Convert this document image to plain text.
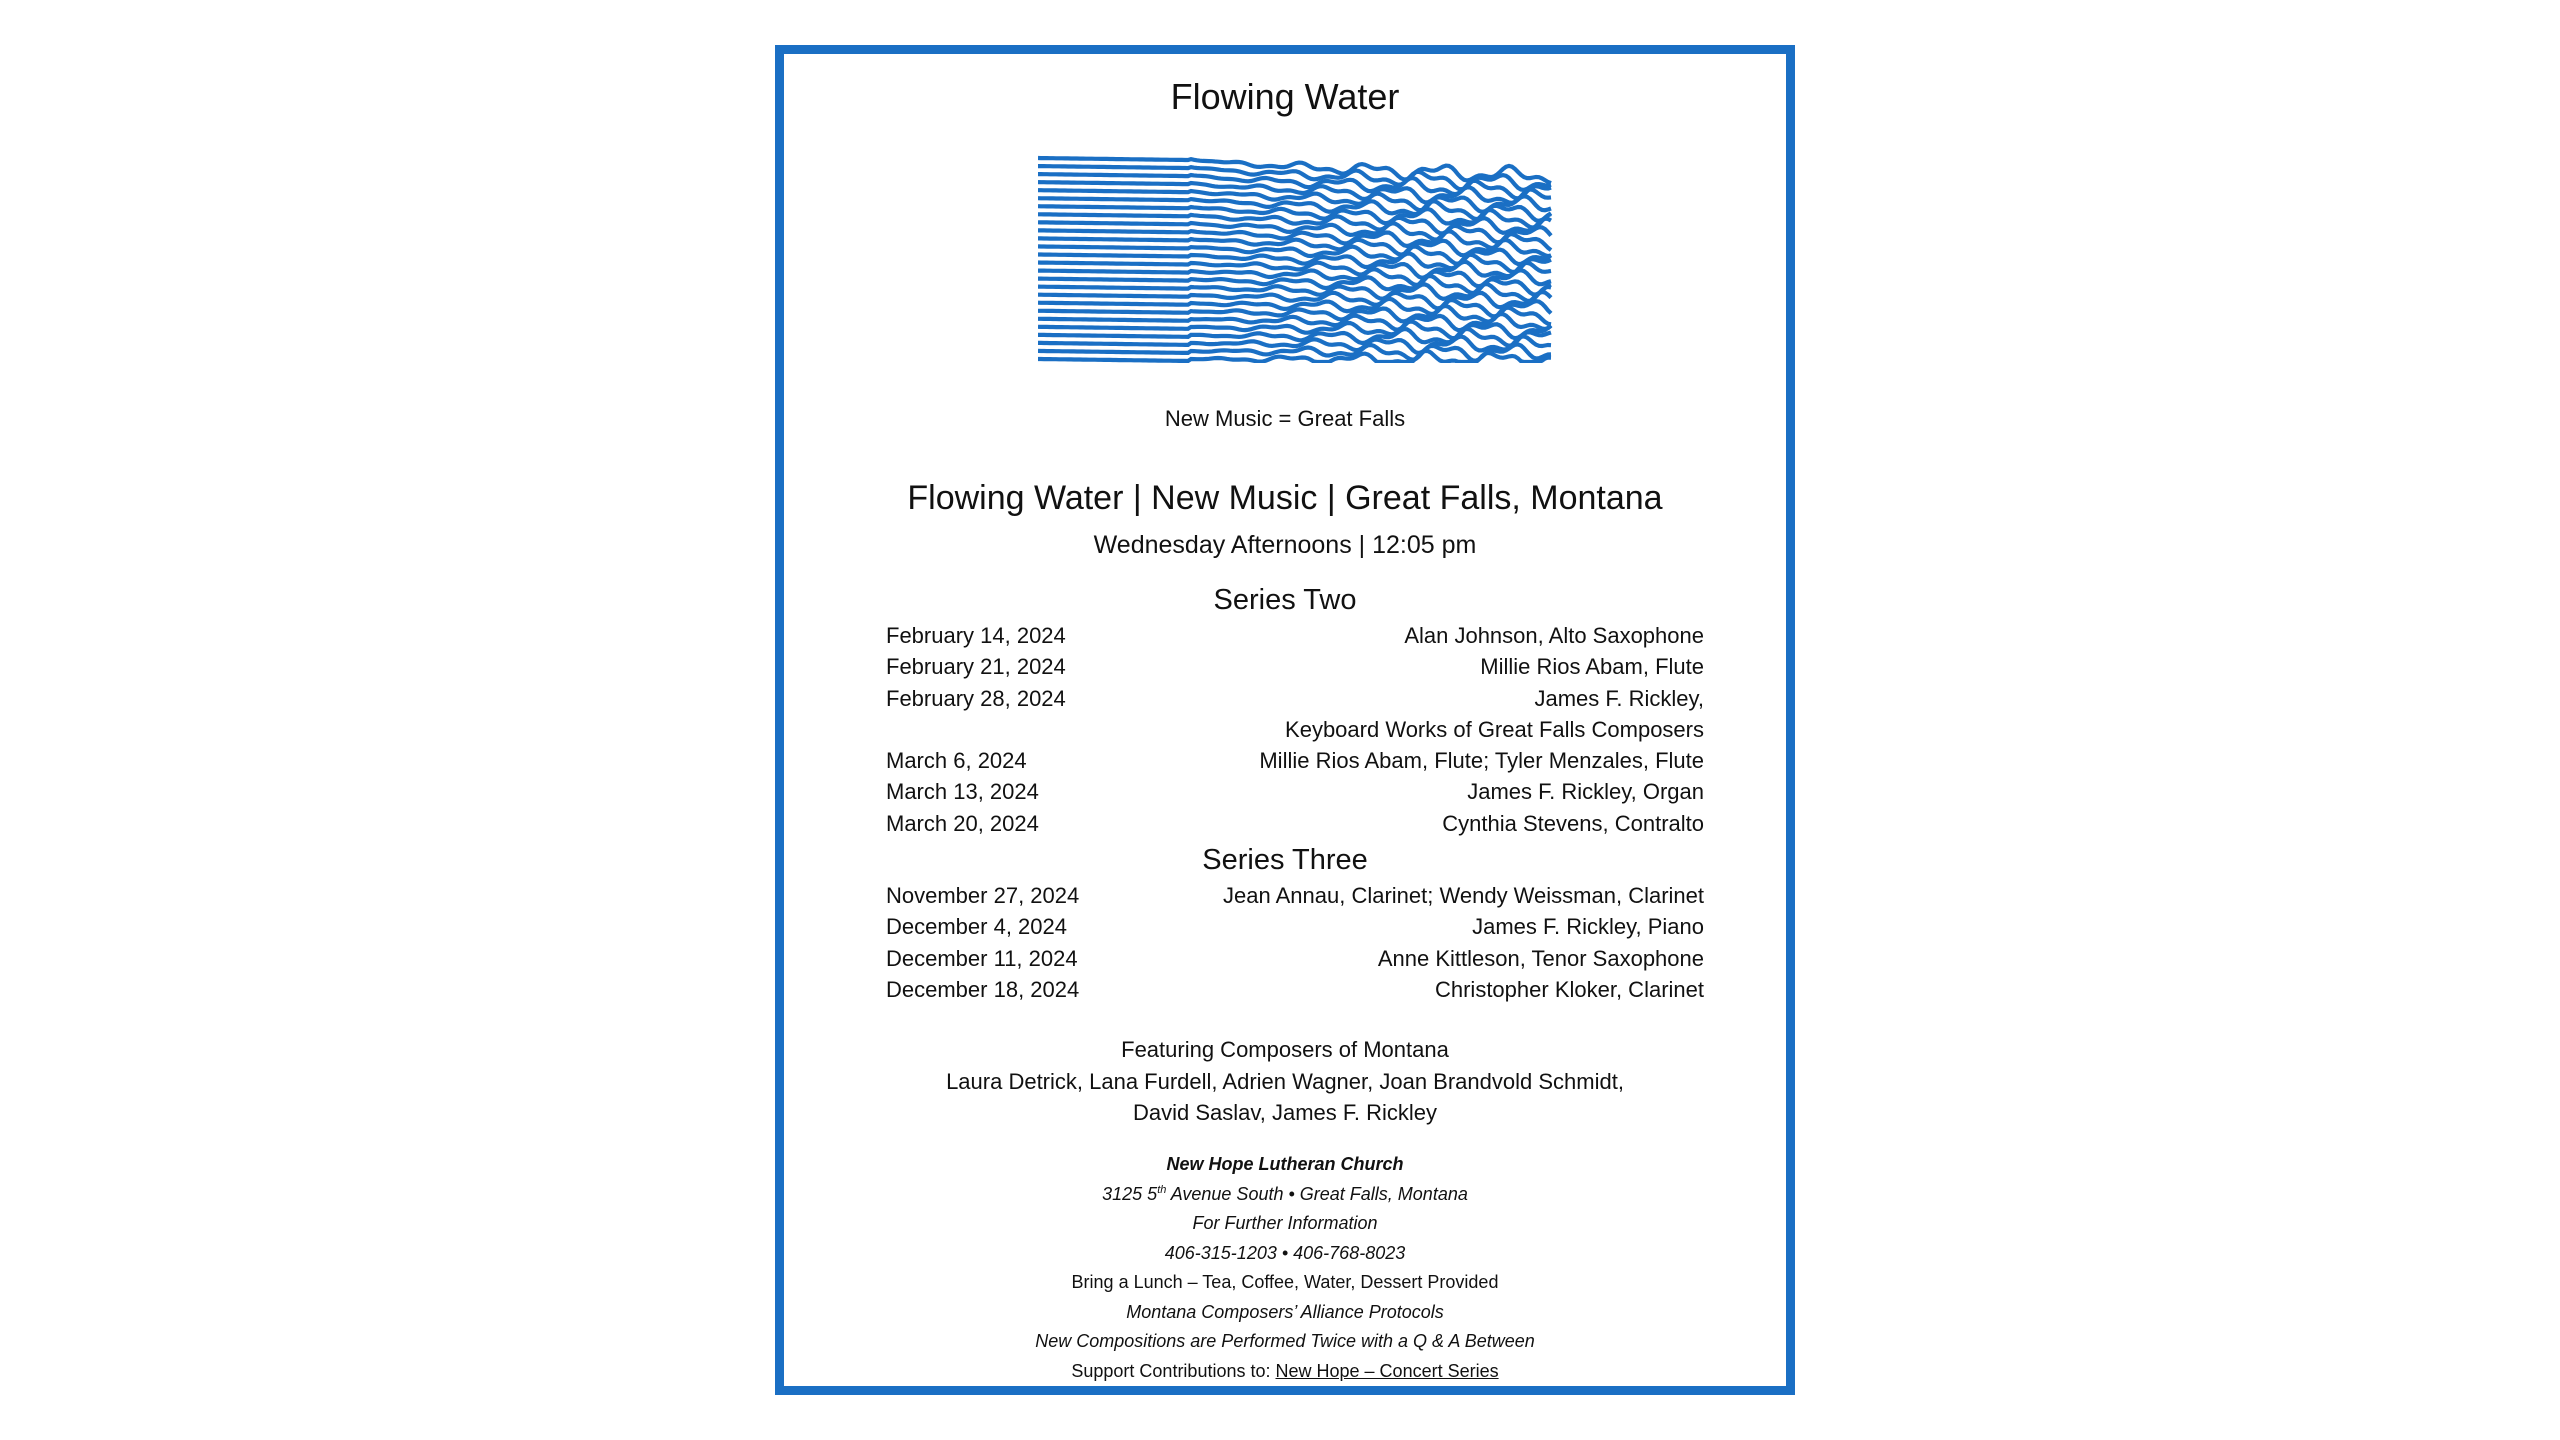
Flowing Water
New Music = Great Falls
Flowing Water | New Music | Great Falls, Montana
Wednesday Afternoons | 12:05 pm
Series Two
February 14, 2024	Alan Johnson, Alto Saxophone
February 21, 2024	Millie Rios Abam, Flute
February 28, 2024	James F. Rickley,
Keyboard Works of Great Falls Composers
March 6, 2024	Millie Rios Abam, Flute; Tyler Menzales, Flute
March 13, 2024	James F. Rickley, Organ
March 20, 2024	Cynthia Stevens, Contralto
Series Three
November 27, 2024	Jean Annau, Clarinet; Wendy Weissman, Clarinet
December 4, 2024	James F. Rickley, Piano
December 11, 2024	Anne Kittleson, Tenor Saxophone
December 18, 2024	Christopher Kloker, Clarinet
Featuring Composers of Montana
Laura Detrick, Lana Furdell, Adrien Wagner, Joan Brandvold Schmidt,
David Saslav, James F. Rickley
New Hope Lutheran Church
3125 5th Avenue South • Great Falls, Montana
For Further Information
406-315-1203 • 406-768-8023
Bring a Lunch – Tea, Coffee, Water, Dessert Provided
Montana Composers’ Alliance Protocols
New Compositions are Performed Twice with a Q & A Between
Support Contributions to: New Hope – Concert Series
